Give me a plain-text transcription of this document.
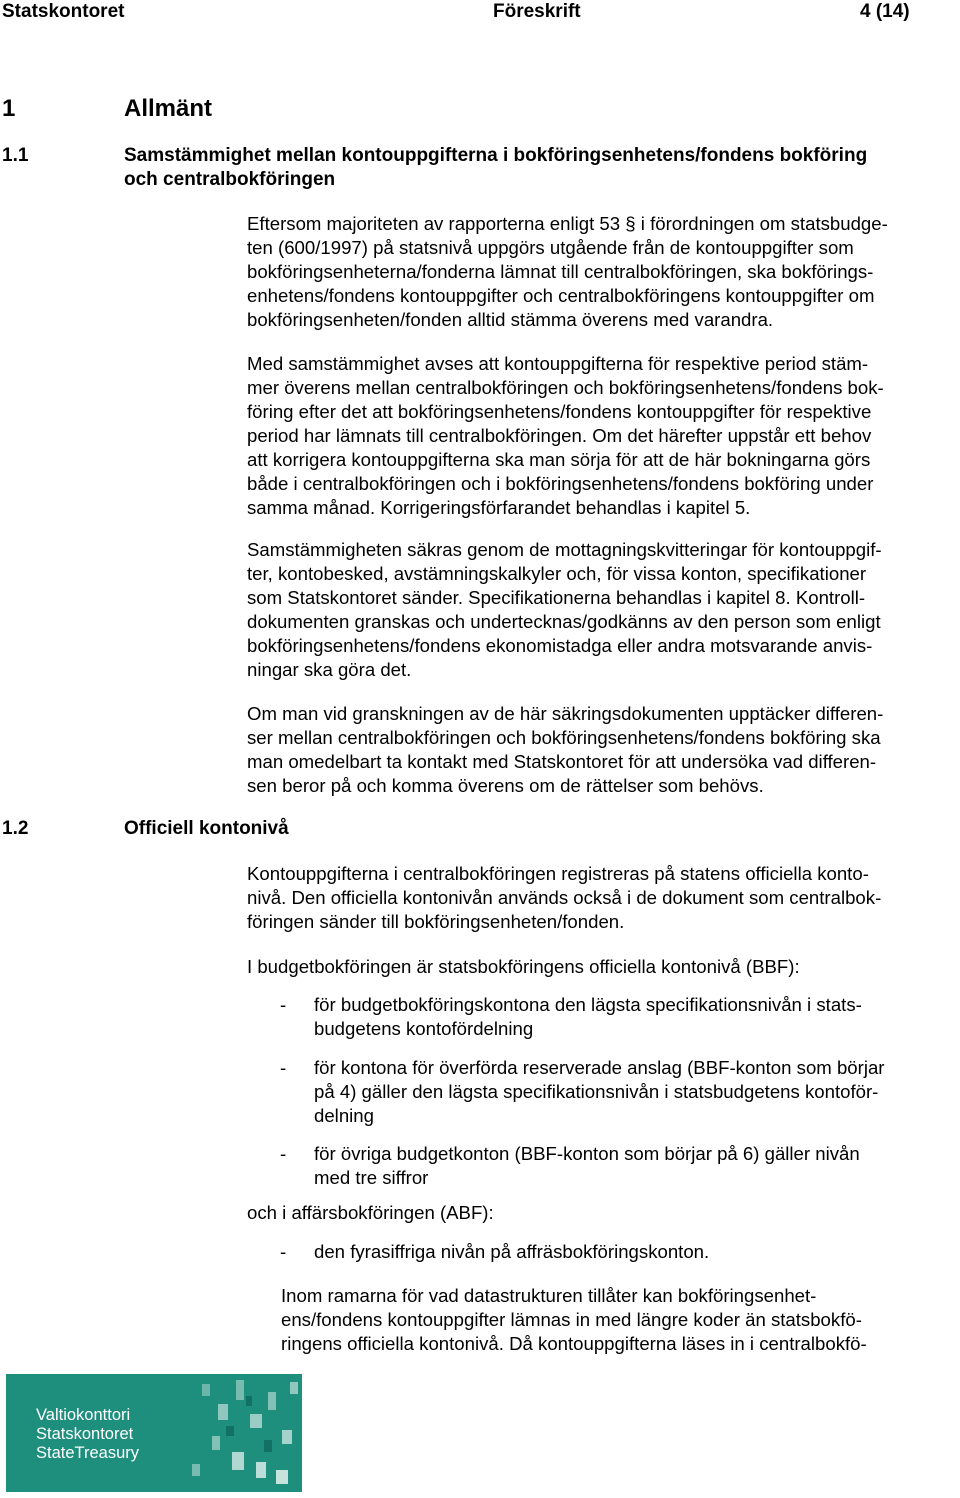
Statskontoret	Föreskrift	4 (14)
1	Allmänt
1.1	Samstämmighet mellan kontouppgifterna i bokföringsenhetens/fondens bokföring
och centralbokföringen
Eftersom majoriteten av rapporterna enligt 53 § i förordningen om statsbudge-
ten (600/1997) på statsnivå uppgörs utgående från de kontouppgifter som
bokföringsenheterna/fonderna lämnat till centralbokföringen, ska bokförings-
enhetens/fondens kontouppgifter och centralbokföringens kontouppgifter om
bokföringsenheten/fonden alltid stämma överens med varandra.
Med samstämmighet avses att kontouppgifterna för respektive period stäm-
mer överens mellan centralbokföringen och bokföringsenhetens/fondens bok-
föring efter det att bokföringsenhetens/fondens kontouppgifter för respektive
period har lämnats till centralbokföringen. Om det härefter uppstår ett behov
att korrigera kontouppgifterna ska man sörja för att de här bokningarna görs
både i centralbokföringen och i bokföringsenhetens/fondens bokföring under
samma månad. Korrigeringsförfarandet behandlas i kapitel 5.
Samstämmigheten säkras genom de mottagningskvitteringar för kontouppgif-
ter, kontobesked, avstämningskalkyler och, för vissa konton, specifikationer
som Statskontoret sänder. Specifikationerna behandlas i kapitel 8. Kontroll-
dokumenten granskas och undertecknas/godkänns av den person som enligt
bokföringsenhetens/fondens ekonomistadga eller andra motsvarande anvis-
ningar ska göra det.
Om man vid granskningen av de här säkringsdokumenten upptäcker differen-
ser mellan centralbokföringen och bokföringsenhetens/fondens bokföring ska
man omedelbart ta kontakt med Statskontoret för att undersöka vad differen-
sen beror på och komma överens om de rättelser som behövs.
1.2	Officiell kontonivå
Kontouppgifterna i centralbokföringen registreras på statens officiella konto-
nivå. Den officiella kontonivån används också i de dokument som centralbok-
föringen sänder till bokföringsenheten/fonden.
I budgetbokföringen är statsbokföringens officiella kontonivå (BBF):
- för budgetbokföringskontona den lägsta specifikationsnivån i stats-
budgetens kontofördelning
- för kontona för överförda reserverade anslag (BBF-konton som börjar
på 4) gäller den lägsta specifikationsnivån i statsbudgetens kontoför-
delning
- för övriga budgetkonton (BBF-konton som börjar på 6) gäller nivån
med tre siffror
och i affärsbokföringen (ABF):
- den fyrasiffriga nivån på affräsbokföringskonton.
Inom ramarna för vad datastrukturen tillåter kan bokföringsenhet-
ens/fondens kontouppgifter lämnas in med längre koder än statsbokfö-
ringens officiella kontonivå. Då kontouppgifterna läses in i centralbokfö-
Valtiokonttori
Statskontoret
StateTreasury
